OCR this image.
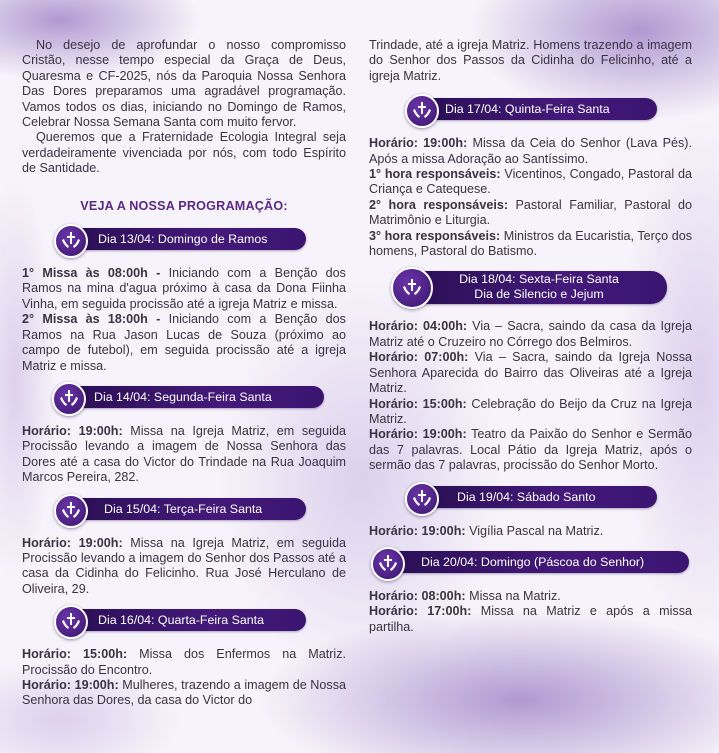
No desejo de aprofundar o nosso compromisso Cristão, nesse tempo especial da Graça de Deus, Quaresma e CF-2025, nós da Paroquia Nossa Senhora Das Dores preparamos uma agradável programação. Vamos todos os dias, iniciando no Domingo de Ramos, Celebrar Nossa Semana Santa com muito fervor.

Queremos que a Fraternidade Ecologia Integral seja verdadeiramente vivenciada por nós, com todo Espírito de Santidade.

VEJA A NOSSA PROGRAMAÇÃO:
Dia 13/04: Domingo de Ramos

1° Missa às 08:00h - Iniciando com a Benção dos Ramos na mina d'agua próximo à casa da Dona Fiinha Vinha, em seguida procissão até a igreja Matriz e missa.

2° Missa às 18:00h - Iniciando com a Benção dos Ramos na Rua Jason Lucas de Souza (próximo ao campo de futebol), em seguida procissão até a igreja Matriz e missa.

Dia 14/04: Segunda-Feira Santa

Horário: 19:00h: Missa na Igreja Matriz, em seguida Procissão levando a imagem de Nossa Senhora das Dores até a casa do Victor do Trindade na Rua Joaquim Marcos Pereira, 282.

Dia 15/04: Terça-Feira Santa

Horário: 19:00h: Missa na Igreja Matriz, em seguida Procissão levando a imagem do Senhor dos Passos até a casa da Cidinha do Felicinho. Rua José Herculano de Oliveira, 29.

Dia 16/04: Quarta-Feira Santa

Horário: 15:00h: Missa dos Enfermos na Matriz. Procissão do Encontro.

Horário: 19:00h: Mulheres, trazendo a imagem de Nossa Senhora das Dores, da casa do Victor do

Trindade, até a igreja Matriz. Homens trazendo a imagem do Senhor dos Passos da Cidinha do Felicinho, até a igreja Matriz.

Dia 17/04: Quinta-Feira Santa

Horário: 19:00h: Missa da Ceia do Senhor (Lava Pés). Após a missa Adoração ao Santíssimo.

1° hora responsáveis: Vicentinos, Congado, Pastoral da Criança e Catequese.

2° hora responsáveis: Pastoral Familiar, Pastoral do Matrimônio e Liturgia.

3° hora responsáveis: Ministros da Eucaristia, Terço dos homens, Pastoral do Batismo.

Dia 18/04: Sexta-Feira Santa
Dia de Silencio e Jejum

Horário: 04:00h: Via – Sacra, saindo da casa da Igreja Matriz até o Cruzeiro no Córrego dos Belmiros.

Horário: 07:00h: Via – Sacra, saindo da Igreja Nossa Senhora Aparecida do Bairro das Oliveiras até a Igreja Matriz.

Horário: 15:00h: Celebração do Beijo da Cruz na Igreja Matriz.

Horário: 19:00h: Teatro da Paixão do Senhor e Sermão das 7 palavras. Local Pátio da Igreja Matriz, após o sermão das 7 palavras, procissão do Senhor Morto.

Dia 19/04: Sábado Santo

Horário: 19:00h: Vigília Pascal na Matriz.

Dia 20/04: Domingo (Páscoa do Senhor)

Horário: 08:00h: Missa na Matriz.

Horário: 17:00h: Missa na Matriz e após a missa partilha.
